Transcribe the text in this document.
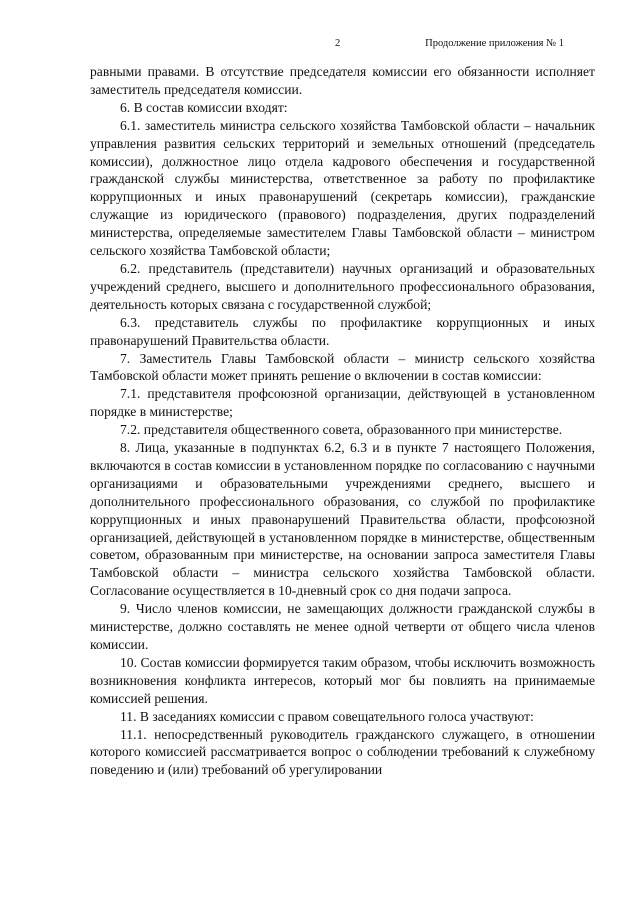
2	Продолжение приложения № 1

равными правами. В отсутствие председателя комиссии его обязанности исполняет заместитель председателя комиссии.

6. В состав комиссии входят:

6.1. заместитель министра сельского хозяйства Тамбовской области – начальник управления развития сельских территорий и земельных отношений (председатель комиссии), должностное лицо отдела кадрового обеспечения и государственной гражданской службы министерства, ответственное за работу по профилактике коррупционных и иных правонарушений (секретарь комиссии), гражданские служащие из юридического (правового) подразделения, других подразделений министерства, определяемые заместителем Главы Тамбовской области – министром сельского хозяйства Тамбовской области;

6.2. представитель (представители) научных организаций и образовательных учреждений среднего, высшего и дополнительного профессионального образования, деятельность которых связана с государственной службой;

6.3. представитель службы по профилактике коррупционных и иных правонарушений Правительства области.

7. Заместитель Главы Тамбовской области – министр сельского хозяйства Тамбовской области может принять решение о включении в состав комиссии:

7.1. представителя профсоюзной организации, действующей в установленном порядке в министерстве;

7.2. представителя общественного совета, образованного при министерстве.

8. Лица, указанные в подпунктах 6.2, 6.3 и в пункте 7 настоящего Положения, включаются в состав комиссии в установленном порядке по согласованию с научными организациями и образовательными учреждениями среднего, высшего и дополнительного профессионального образования, со службой по профилактике коррупционных и иных правонарушений Правительства области, профсоюзной организацией, действующей в установленном порядке в министерстве, общественным советом, образованным при министерстве, на основании запроса заместителя Главы Тамбовской области – министра сельского хозяйства Тамбовской области. Согласование осуществляется в 10-дневный срок со дня подачи запроса.

9. Число членов комиссии, не замещающих должности гражданской службы в министерстве, должно составлять не менее одной четверти от общего числа членов комиссии.

10. Состав комиссии формируется таким образом, чтобы исключить возможность возникновения конфликта интересов, который мог бы повлиять на принимаемые комиссией решения.

11. В заседаниях комиссии с правом совещательного голоса участвуют:

11.1. непосредственный руководитель гражданского служащего, в отношении которого комиссией рассматривается вопрос о соблюдении требований к служебному поведению и (или) требований об урегулировании
